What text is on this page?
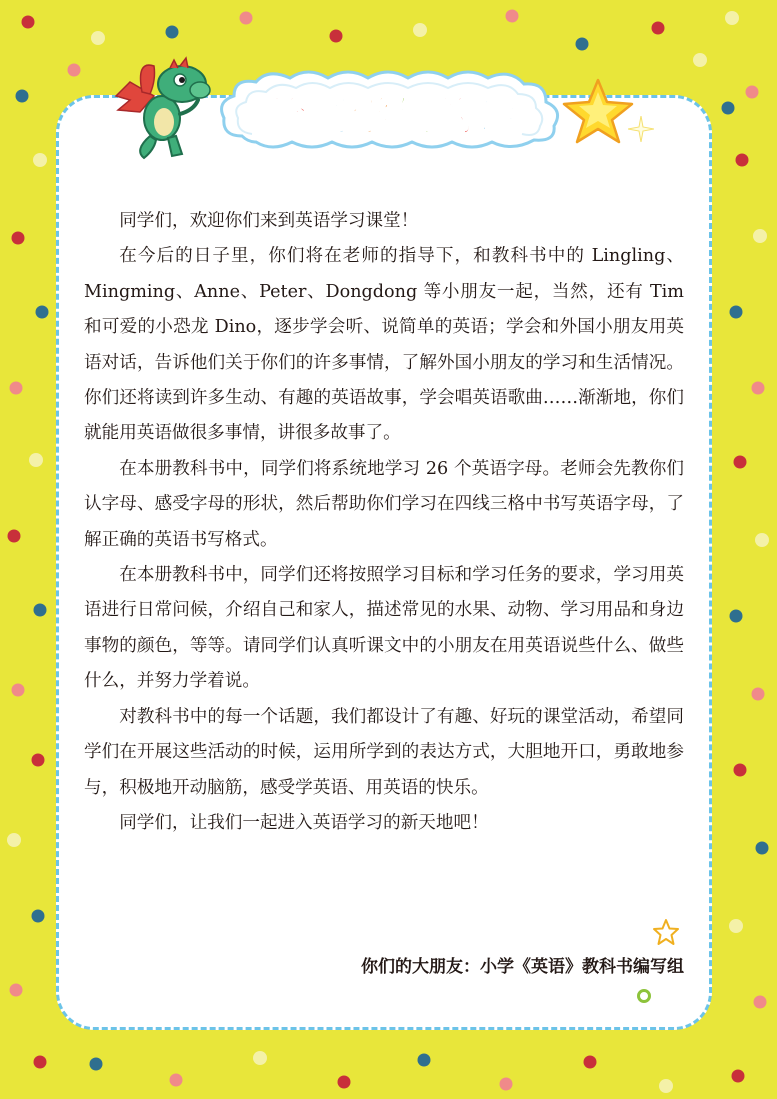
给 同 学 们 的 话

同学们，欢迎你们来到英语学习课堂！

在今后的日子里，你们将在老师的指导下，和教科书中的 Lingling、Mingming、Anne、Peter、Dongdong 等小朋友一起，当然，还有 Tim 和可爱的小恐龙 Dino，逐步学会听、说简单的英语；学会和外国小朋友用英语对话，告诉他们关于你们的许多事情，了解外国小朋友的学习和生活情况。你们还将读到许多生动、有趣的英语故事，学会唱英语歌曲……渐渐地，你们就能用英语做很多事情，讲很多故事了。

在本册教科书中，同学们将系统地学习 26 个英语字母。老师会先教你们认字母、感受字母的形状，然后帮助你们学习在四线三格中书写英语字母，了解正确的英语书写格式。

在本册教科书中，同学们还将按照学习目标和学习任务的要求，学习用英语进行日常问候，介绍自己和家人，描述常见的水果、动物、学习用品和身边事物的颜色，等等。请同学们认真听课文中的小朋友在用英语说些什么、做些什么，并努力学着说。

对教科书中的每一个话题，我们都设计了有趣、好玩的课堂活动，希望同学们在开展这些活动的时候，运用所学到的表达方式，大胆地开口，勇敢地参与，积极地开动脑筋，感受学英语、用英语的快乐。

同学们，让我们一起进入英语学习的新天地吧！

你们的大朋友：小学《英语》教科书编写组
